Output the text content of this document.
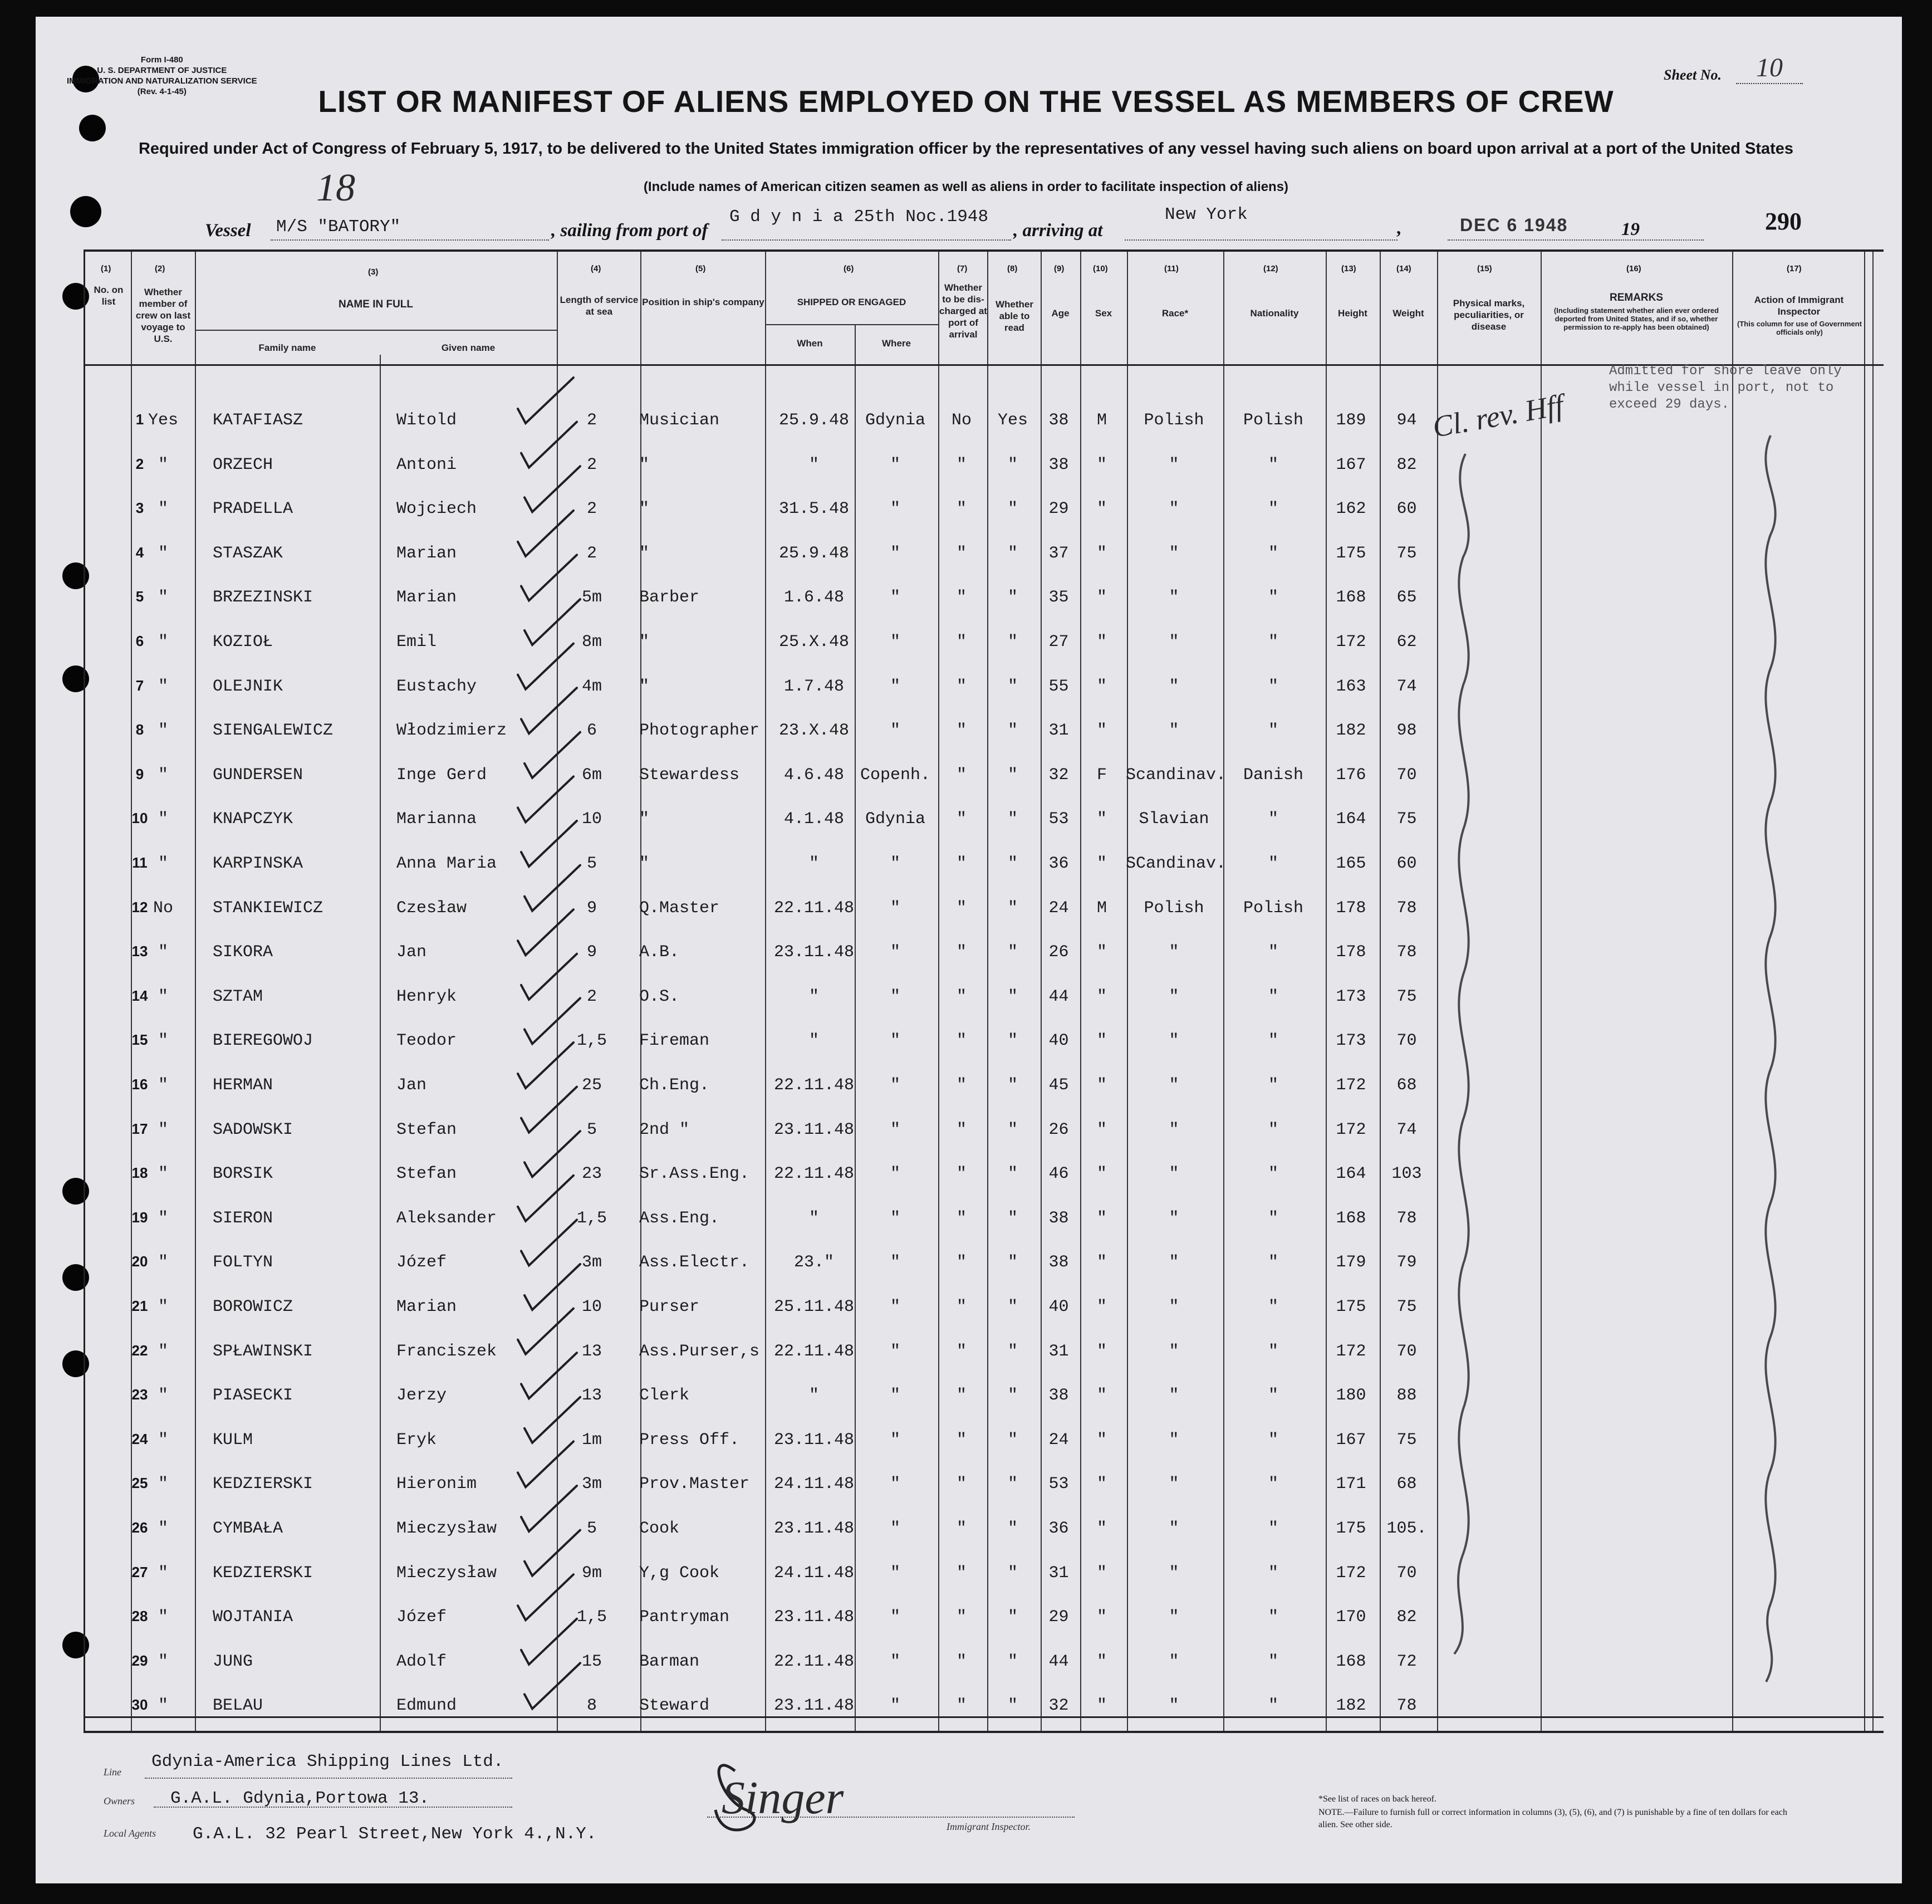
Form I-480
U. S. DEPARTMENT OF JUSTICE
IMMIGRATION AND NATURALIZATION SERVICE
(Rev. 4-1-45)
Sheet No.	10
LIST OR MANIFEST OF ALIENS EMPLOYED ON THE VESSEL AS MEMBERS OF CREW
Required under Act of Congress of February 5, 1917, to be delivered to the United States immigration officer by the representatives of any vessel having such aliens on board upon arrival at a port of the United States
(Include names of American citizen seamen as well as aliens in order to facilitate inspection of aliens)
Vessel M/S "BATORY"
18
, sailing from port of
G d y n i a 25th Noc.1948
, arriving at
New York
,	DEC 6 1948	19	290
(1)	(2)	(3)	(4)	(5)	(6)	(7)	(8)	(9)	(10)	(11)	(12)	(13)	(14)	(15)	(16)	(17)
No. on list
Whether member of crew on last voyage to U.S.
NAME IN FULL
Family name	Given name
Length of service at sea
Position in ship's company	SHIPPED OR ENGAGED
When	Where
Whether to be dis-charged at port of arrival
Whether able to read
Age	Sex	Race*	Nationality	Height	Weight
Physical marks, peculiarities, or disease
REMARKS
(Including statement whether alien ever ordered deported from United States, and if so, whether permission to re-apply has been obtained)
Action of Immigrant Inspector
(This column for use of Government officials only)
1 Yes	KATAFIASZ	Witold	2	Musician	25.9.48 Gdynia	No	Yes	38	M	Polish	Polish	189	94
2 "	ORZECH	Antoni	2	"	"	"	"	"	38	"	"	"	167	82
3 "	PRADELLA	Wojciech	2	"	31.5.48	"	"	"	29	"	"	"	162	60
4 "	STASZAK	Marian	2	"	25.9.48	"	"	"	37	"	"	"	175	75
5 "	BRZEZINSKI	Marian	5m	Barber	1.6.48	"	"	"	35	"	"	"	168	65
6 "	KOZIOŁ	Emil	8m	"	25.X.48	"	"	"	27	"	"	"	172	62
7 "	OLEJNIK	Eustachy	4m	"	1.7.48	"	"	"	55	"	"	"	163	74
8 "	SIENGALEWICZ	Włodzimierz	6	Photographer	23.X.48	"	"	"	31	"	"	"	182	98
9 "	GUNDERSEN	Inge Gerd	6m	Stewardess	4.6.48 Copenh.	"	"	32	F	Scandinav.	Danish	176	70
10 "	KNAPCZYK	Marianna	10	"	4.1.48	Gdynia	"	"	53	"	Slavian	"	164	75
11 "	KARPINSKA	Anna Maria	5	"	"	"	"	"	36	"	SCandinav.	"	165	60
12 No	STANKIEWICZ	Czesław	9	Q.Master	22.11.48	"	"	"	24	M	Polish	Polish	178	78
13 "	SIKORA	Jan	9	A.B.	23.11.48	"	"	"	26	"	"	"	178	78
14 "	SZTAM	Henryk	2	O.S.	"	"	"	"	44	"	"	"	173	75
15 "	BIEREGOWOJ	Teodor	1,5	Fireman	"	"	"	"	40	"	"	"	173	70
16 "	HERMAN	Jan	25	Ch.Eng.	22.11.48	"	"	"	45	"	"	"	172	68
17 "	SADOWSKI	Stefan	5	2nd "	23.11.48	"	"	"	26	"	"	"	172	74
18 "	BORSIK	Stefan	23	Sr.Ass.Eng.	22.11.48	"	"	"	46	"	"	"	164	103
19 "	SIERON	Aleksander	1,5	Ass.Eng.	"	"	"	"	38	"	"	"	168	78
20 "	FOLTYN	Józef	3m	Ass.Electr.	23."	"	"	"	38	"	"	"	179	79
21 "	BOROWICZ	Marian	10	Purser	25.11.48	"	"	"	40	"	"	"	175	75
22 "	SPŁAWINSKI	Franciszek	13	Ass.Purser,s 22.11.48	"	"	"	31	"	"	"	172	70
23 "	PIASECKI	Jerzy	13	Clerk	"	"	"	"	38	"	"	"	180	88
24 "	KULM	Eryk	1m	Press Off.	23.11.48	"	"	"	24	"	"	"	167	75
25 "	KEDZIERSKI	Hieronim	3m	Prov.Master	24.11.48	"	"	"	53	"	"	"	171	68
26 "	CYMBAŁA	Mieczysław	5	Cook	23.11.48	"	"	"	36	"	"	"	175	105.
27 "	KEDZIERSKI	Mieczysław	9m	Y,g Cook	24.11.48	"	"	"	31	"	"	"	172	70
28 "	WOJTANIA	Józef	1,5	Pantryman	23.11.48	"	"	"	29	"	"	"	170	82
29 "	JUNG	Adolf	15	Barman	22.11.48	"	"	"	44	"	"	"	168	72
30 "	BELAU	Edmund	8	Steward	23.11.48	"	"	"	32	"	"	"	182	78
Admitted for shore leave only
while vessel in port, not to
exceed 29 days.
Cl. rev. Hff
Line
Gdynia-America Shipping Lines Ltd.
Owners G.A.L. Gdynia,Portowa 13.
Local Agents G.A.L. 32 Pearl Street,New York 4.,N.Y.
Singer
Immigrant Inspector.
*See list of races on back hereof.
NOTE.—Failure to furnish full or correct information in columns (3), (5), (6), and (7) is punishable by a fine of ten dollars for each alien. See other side.
